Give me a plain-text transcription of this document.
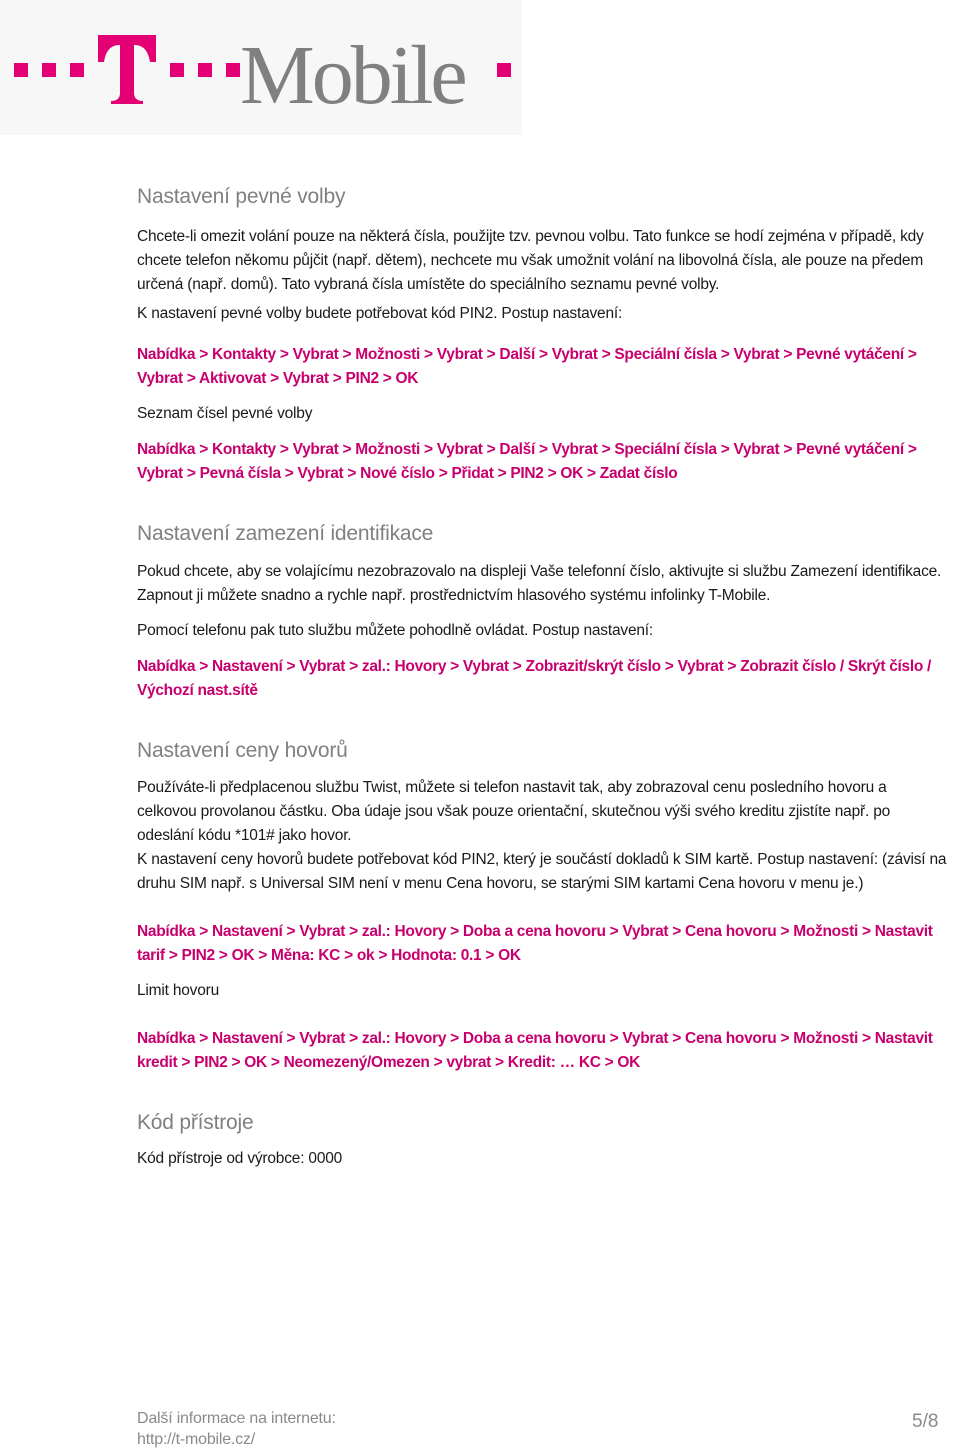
Mobile
Nastavení pevné volby

Chcete-li omezit volání pouze na některá čísla, použijte tzv. pevnou volbu. Tato funkce se hodí zejména v případě, kdy chcete telefon někomu půjčit (např. dětem), nechcete mu však umožnit volání na libovolná čísla, ale pouze na předem určená (např. domů). Tato vybraná čísla umístěte do speciálního seznamu pevné volby.

K nastavení pevné volby budete potřebovat kód PIN2. Postup nastavení:

Nabídka > Kontakty > Vybrat > Možnosti > Vybrat > Další > Vybrat > Speciální čísla > Vybrat > Pevné vytáčení > Vybrat > Aktivovat > Vybrat > PIN2 > OK

Seznam čísel pevné volby

Nabídka > Kontakty > Vybrat > Možnosti > Vybrat > Další > Vybrat > Speciální čísla > Vybrat > Pevné vytáčení > Vybrat > Pevná čísla > Vybrat > Nové číslo > Přidat > PIN2 > OK > Zadat číslo

Nastavení zamezení identifikace

Pokud chcete, aby se volajícímu nezobrazovalo na displeji Vaše telefonní číslo, aktivujte si službu Zamezení identifikace. Zapnout ji můžete snadno a rychle např. prostřednictvím hlasového systému infolinky T-Mobile.

Pomocí telefonu pak tuto službu můžete pohodlně ovládat. Postup nastavení:

Nabídka > Nastavení > Vybrat > zal.: Hovory > Vybrat > Zobrazit/skrýt číslo > Vybrat > Zobrazit číslo / Skrýt číslo / Výchozí nast.sítě

Nastavení ceny hovorů

Používáte-li předplacenou službu Twist, můžete si telefon nastavit tak, aby zobrazoval cenu posledního hovoru a celkovou provolanou částku. Oba údaje jsou však pouze orientační, skutečnou výši svého kreditu zjistíte např. po odeslání kódu *101# jako hovor.

K nastavení ceny hovorů budete potřebovat kód PIN2, který je součástí dokladů k SIM kartě. Postup nastavení: (závisí na druhu SIM např. s Universal SIM není v menu Cena hovoru, se starými SIM kartami Cena hovoru v menu je.)

Nabídka > Nastavení > Vybrat > zal.: Hovory > Doba a cena hovoru > Vybrat > Cena hovoru > Možnosti > Nastavit tarif > PIN2 > OK > Měna: KC > ok > Hodnota: 0.1 > OK

Limit hovoru

Nabídka > Nastavení > Vybrat > zal.: Hovory > Doba a cena hovoru > Vybrat > Cena hovoru > Možnosti > Nastavit kredit > PIN2 > OK > Neomezený/Omezen > vybrat > Kredit: … KC > OK

Kód přístroje

Kód přístroje od výrobce: 0000

Další informace na internetu:
http://t-mobile.cz/
5/8
